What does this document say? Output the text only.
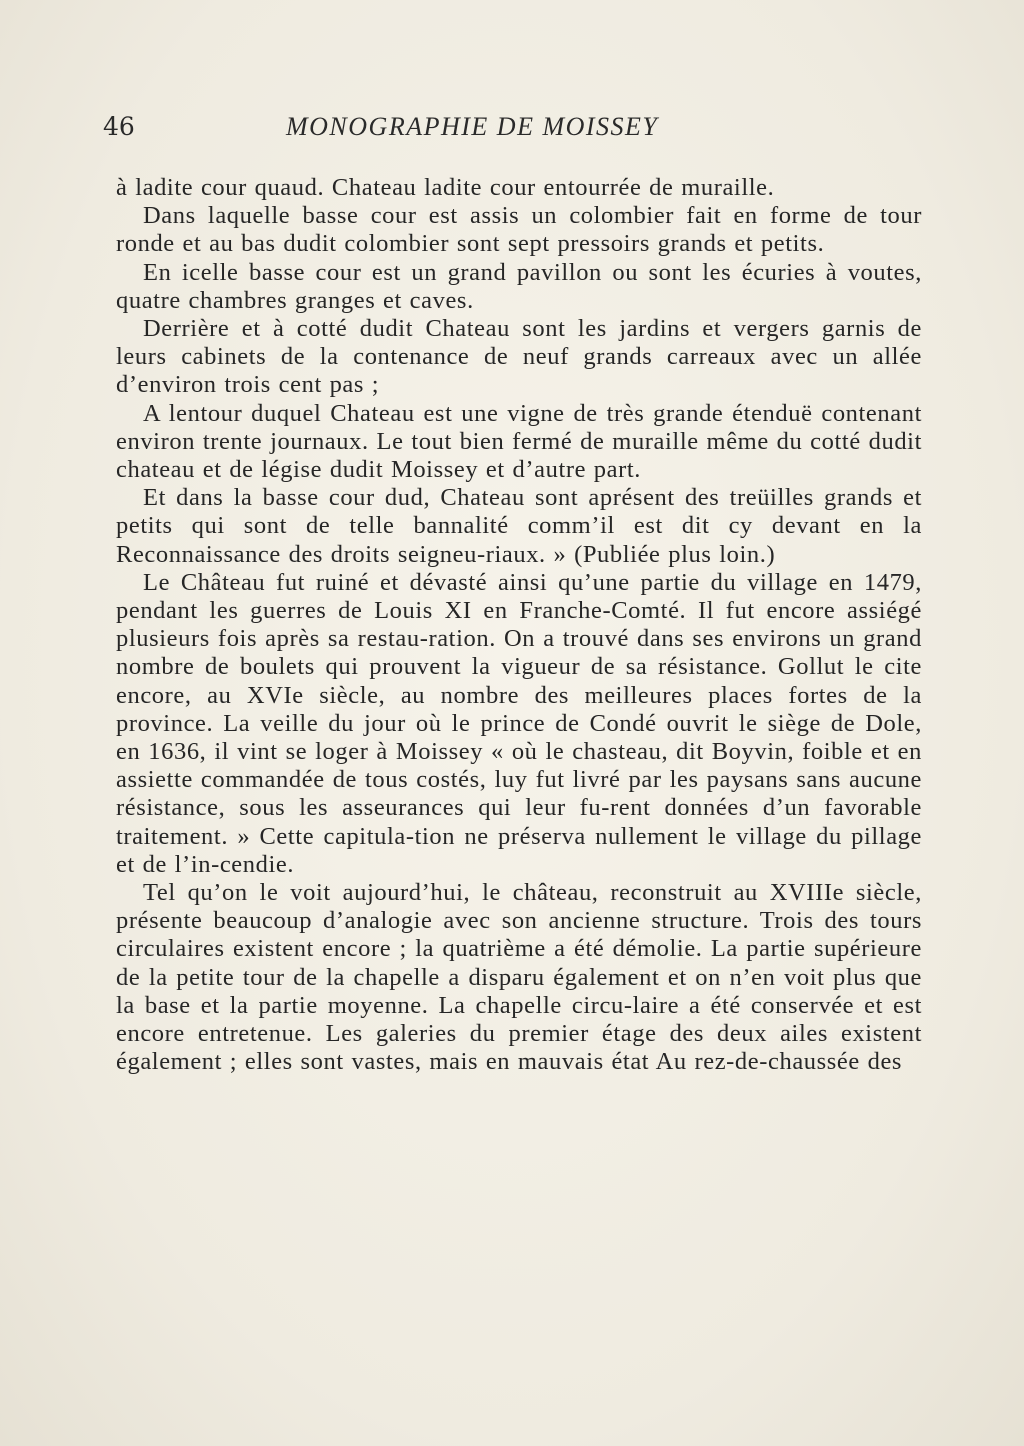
46	MONOGRAPHIE DE MOISSEY

à ladite cour quaud. Chateau ladite cour entourrée de muraille.

Dans laquelle basse cour est assis un colombier fait en forme de tour ronde et au bas dudit colombier sont sept pressoirs grands et petits.

En icelle basse cour est un grand pavillon ou sont les écuries à voutes, quatre chambres granges et caves.

Derrière et à cotté dudit Chateau sont les jardins et vergers garnis de leurs cabinets de la contenance de neuf grands carreaux avec un allée d’environ trois cent pas ;

A lentour duquel Chateau est une vigne de très grande étenduë contenant environ trente journaux. Le tout bien fermé de muraille même du cotté dudit chateau et de légise dudit Moissey et d’autre part.

Et dans la basse cour dud, Chateau sont aprésent des treüilles grands et petits qui sont de telle bannalité comm’il est dit cy devant en la Reconnaissance des droits seigneu-riaux. » (Publiée plus loin.)

Le Château fut ruiné et dévasté ainsi qu’une partie du village en 1479, pendant les guerres de Louis XI en Franche-Comté. Il fut encore assiégé plusieurs fois après sa restau-ration. On a trouvé dans ses environs un grand nombre de boulets qui prouvent la vigueur de sa résistance. Gollut le cite encore, au XVIe siècle, au nombre des meilleures places fortes de la province. La veille du jour où le prince de Condé ouvrit le siège de Dole, en 1636, il vint se loger à Moissey « où le chasteau, dit Boyvin, foible et en assiette commandée de tous costés, luy fut livré par les paysans sans aucune résistance, sous les asseurances qui leur fu-rent données d’un favorable traitement. » Cette capitula-tion ne préserva nullement le village du pillage et de l’in-cendie.

Tel qu’on le voit aujourd’hui, le château, reconstruit au XVIIIe siècle, présente beaucoup d’analogie avec son ancienne structure. Trois des tours circulaires existent encore ; la quatrième a été démolie. La partie supérieure de la petite tour de la chapelle a disparu également et on n’en voit plus que la base et la partie moyenne. La chapelle circu-laire a été conservée et est encore entretenue. Les galeries du premier étage des deux ailes existent également ; elles sont vastes, mais en mauvais état Au rez-de-chaussée des
